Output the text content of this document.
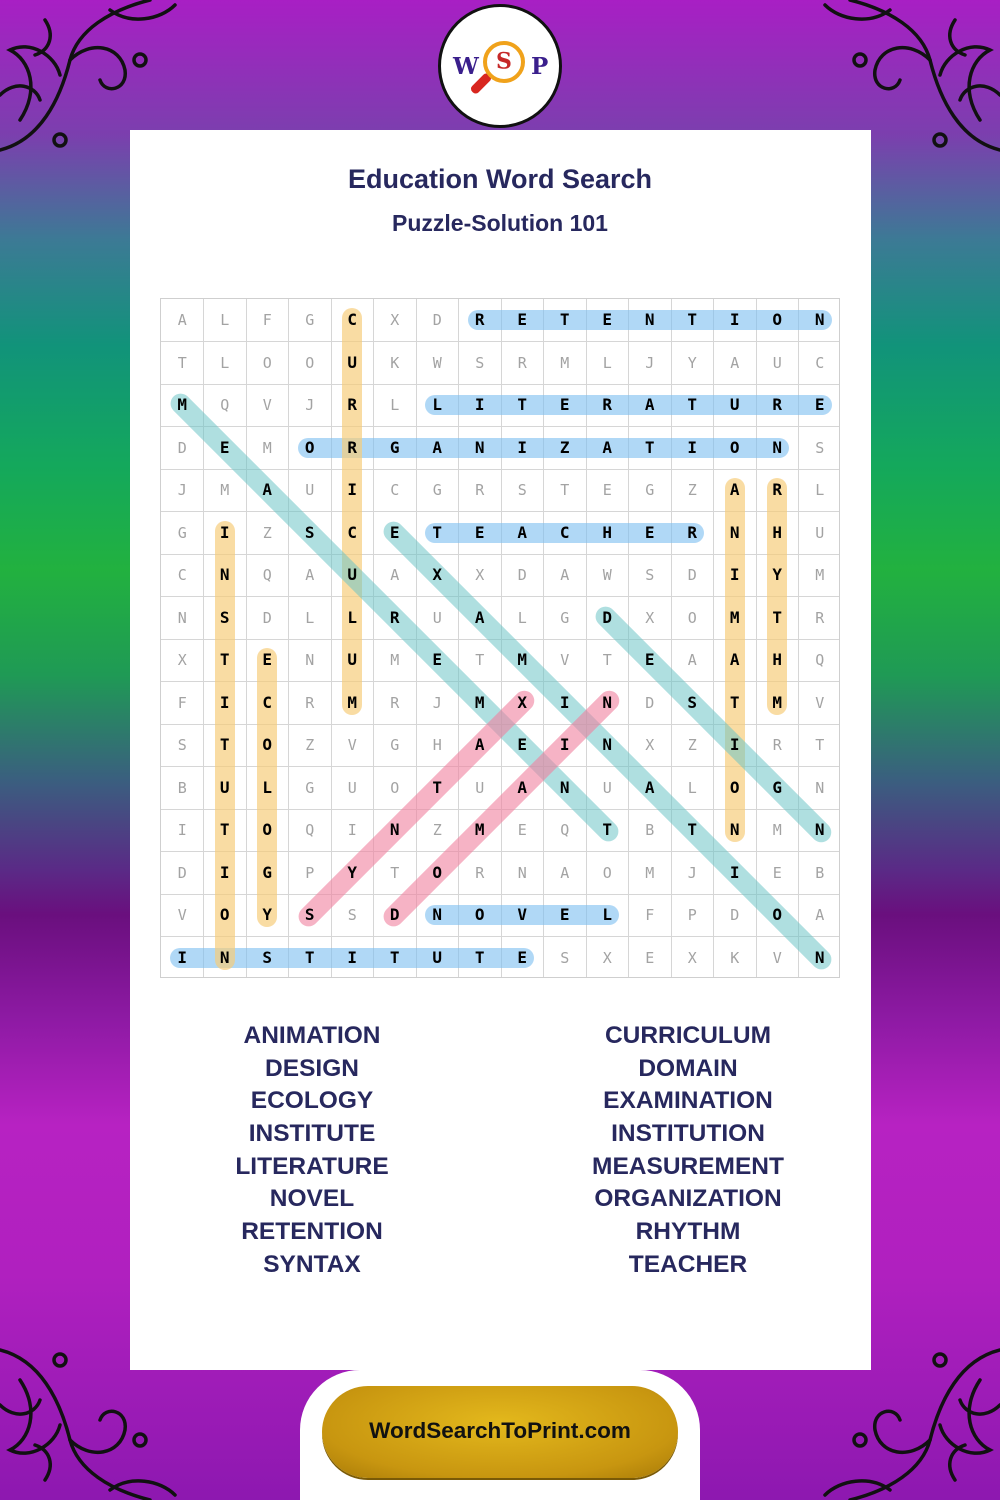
W S P
Education Word Search
Puzzle-Solution 101
A	L	F	G	C	X	D	R	E	T	E	N	T	I	O	N
T	L	O	O	U	K	W	S	R	M	L	J	Y	A	U	C
M	Q	V	J	R	L	L	I	T	E	R	A	T	U	R	E
D	E	M	O	R	G	A	N	I	Z	A	T	I	O	N	S
J	M	A	U	I	C	G	R	S	T	E	G	Z	A	R	L
G	I	Z	S	C	E	T	E	A	C	H	E	R	N	H	U
C	N	Q	A	U	A	X	X	D	A	W	S	D	I	Y	M
N	S	D	L	L	R	U	A	L	G	D	X	O	M	T	R
X	T	E	N	U	M	E	T	M	V	T	E	A	A	H	Q
F	I	C	R	M	R	J	M	X	I	N	D	S	T	M	V
S	T	O	Z	V	G	H	A	E	I	N	X	Z	I	R	T
B	U	L	G	U	O	T	U	A	N	U	A	L	O	G	N
I	T	O	Q	I	N	Z	M	E	Q	T	B	T	N	M	N
D	I	G	P	Y	T	O	R	N	A	O	M	J	I	E	B
V	O	Y	S	S	D	N	O	V	E	L	F	P	D	O	A
I	N	S	T	I	T	U	T	E	S	X	E	X	K	V	N
ANIMATION
DESIGN
ECOLOGY
INSTITUTE
LITERATURE
NOVEL
RETENTION
SYNTAX
CURRICULUM
DOMAIN
EXAMINATION
INSTITUTION
MEASUREMENT
ORGANIZATION
RHYTHM
TEACHER
WordSearchToPrint.com
